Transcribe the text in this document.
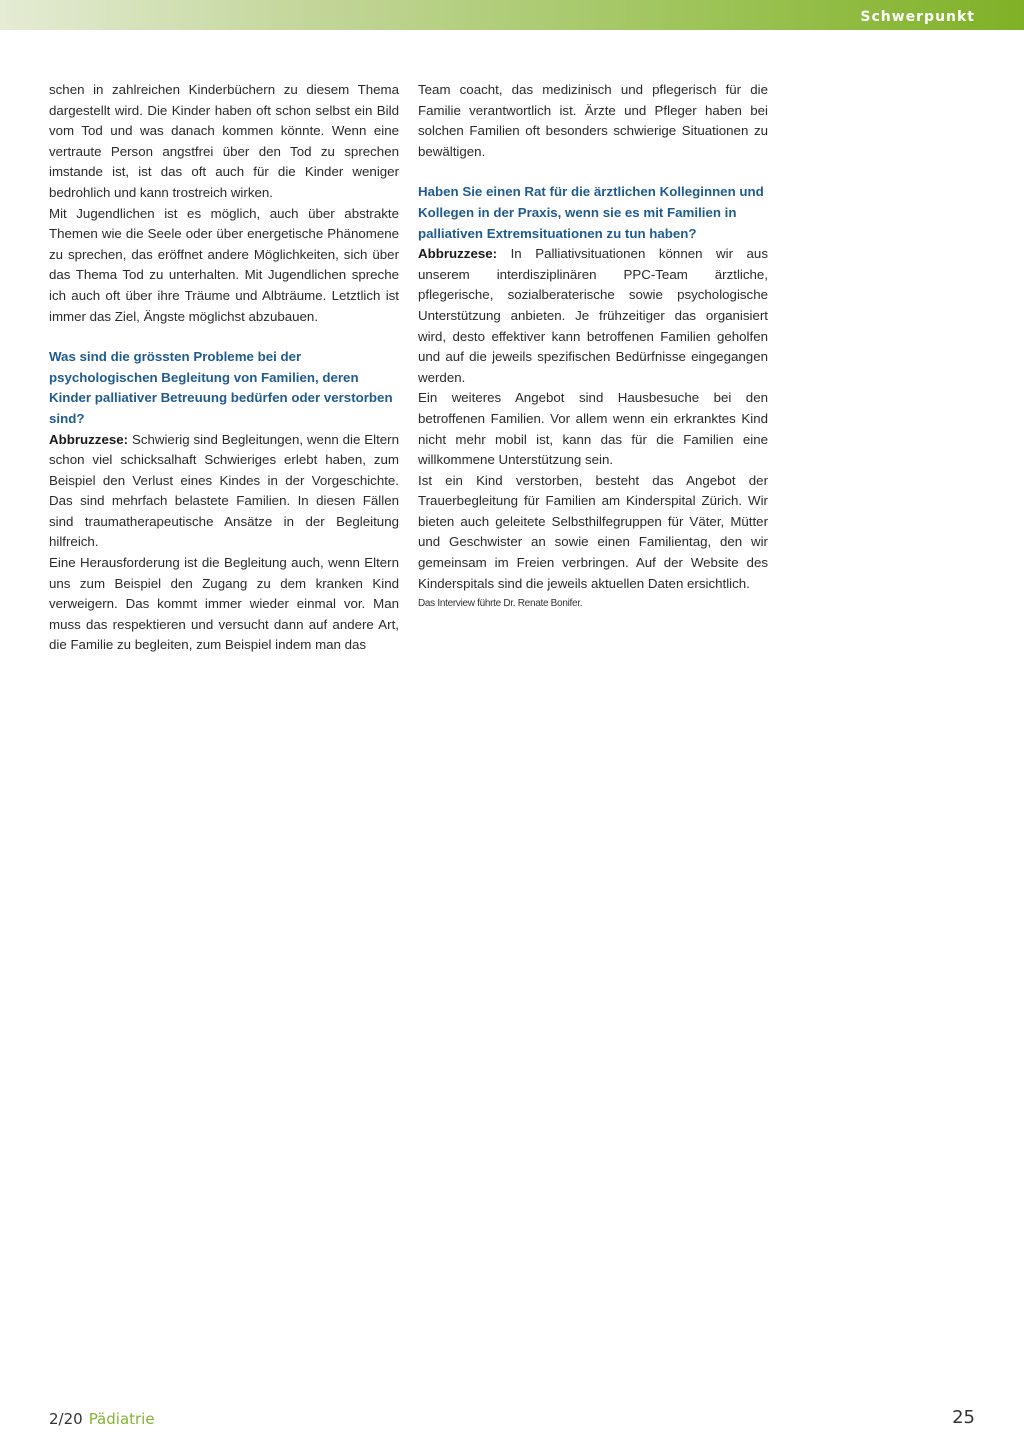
Schwerpunkt

schen in zahlreichen Kinderbüchern zu diesem Thema dargestellt wird. Die Kinder haben oft schon selbst ein Bild vom Tod und was danach kommen könnte. Wenn eine vertraute Person angstfrei über den Tod zu sprechen imstande ist, ist das oft auch für die Kinder weniger bedrohlich und kann trostreich wirken.

Mit Jugendlichen ist es möglich, auch über abstrakte Themen wie die Seele oder über energetische Phänomene zu sprechen, das eröffnet andere Möglichkeiten, sich über das Thema Tod zu unterhalten. Mit Jugendlichen spreche ich auch oft über ihre Träume und Albträume. Letztlich ist immer das Ziel, Ängste möglichst abzubauen.

Was sind die grössten Probleme bei der psychologischen Begleitung von Familien, deren Kinder palliativer Betreuung bedürfen oder verstorben sind?

Abbruzzese: Schwierig sind Begleitungen, wenn die Eltern schon viel schicksalhaft Schwieriges erlebt haben, zum Beispiel den Verlust eines Kindes in der Vorgeschichte. Das sind mehrfach belastete Familien. In diesen Fällen sind traumatherapeutische Ansätze in der Begleitung hilfreich.

Eine Herausforderung ist die Begleitung auch, wenn Eltern uns zum Beispiel den Zugang zu dem kranken Kind verweigern. Das kommt immer wieder einmal vor. Man muss das respektieren und versucht dann auf andere Art, die Familie zu begleiten, zum Beispiel indem man das

Team coacht, das medizinisch und pflegerisch für die Familie verantwortlich ist. Ärzte und Pfleger haben bei solchen Familien oft besonders schwierige Situationen zu bewältigen.

Haben Sie einen Rat für die ärztlichen Kolleginnen und Kollegen in der Praxis, wenn sie es mit Familien in palliativen Extremsituationen zu tun haben?

Abbruzzese: In Palliativsituationen können wir aus unserem interdisziplinären PPC-Team ärztliche, pflegerische, sozialberaterische sowie psychologische Unterstützung anbieten. Je frühzeitiger das organisiert wird, desto effektiver kann betroffenen Familien geholfen und auf die jeweils spezifischen Bedürfnisse eingegangen werden.

Ein weiteres Angebot sind Hausbesuche bei den betroffenen Familien. Vor allem wenn ein erkranktes Kind nicht mehr mobil ist, kann das für die Familien eine willkommene Unterstützung sein.

Ist ein Kind verstorben, besteht das Angebot der Trauerbegleitung für Familien am Kinderspital Zürich. Wir bieten auch geleitete Selbsthilfegruppen für Väter, Mütter und Geschwister an sowie einen Familientag, den wir gemeinsam im Freien verbringen. Auf der Website des Kinderspitals sind die jeweils aktuellen Daten ersichtlich.

Das Interview führte Dr. Renate Bonifer.

2/20 Pädiatrie	25
